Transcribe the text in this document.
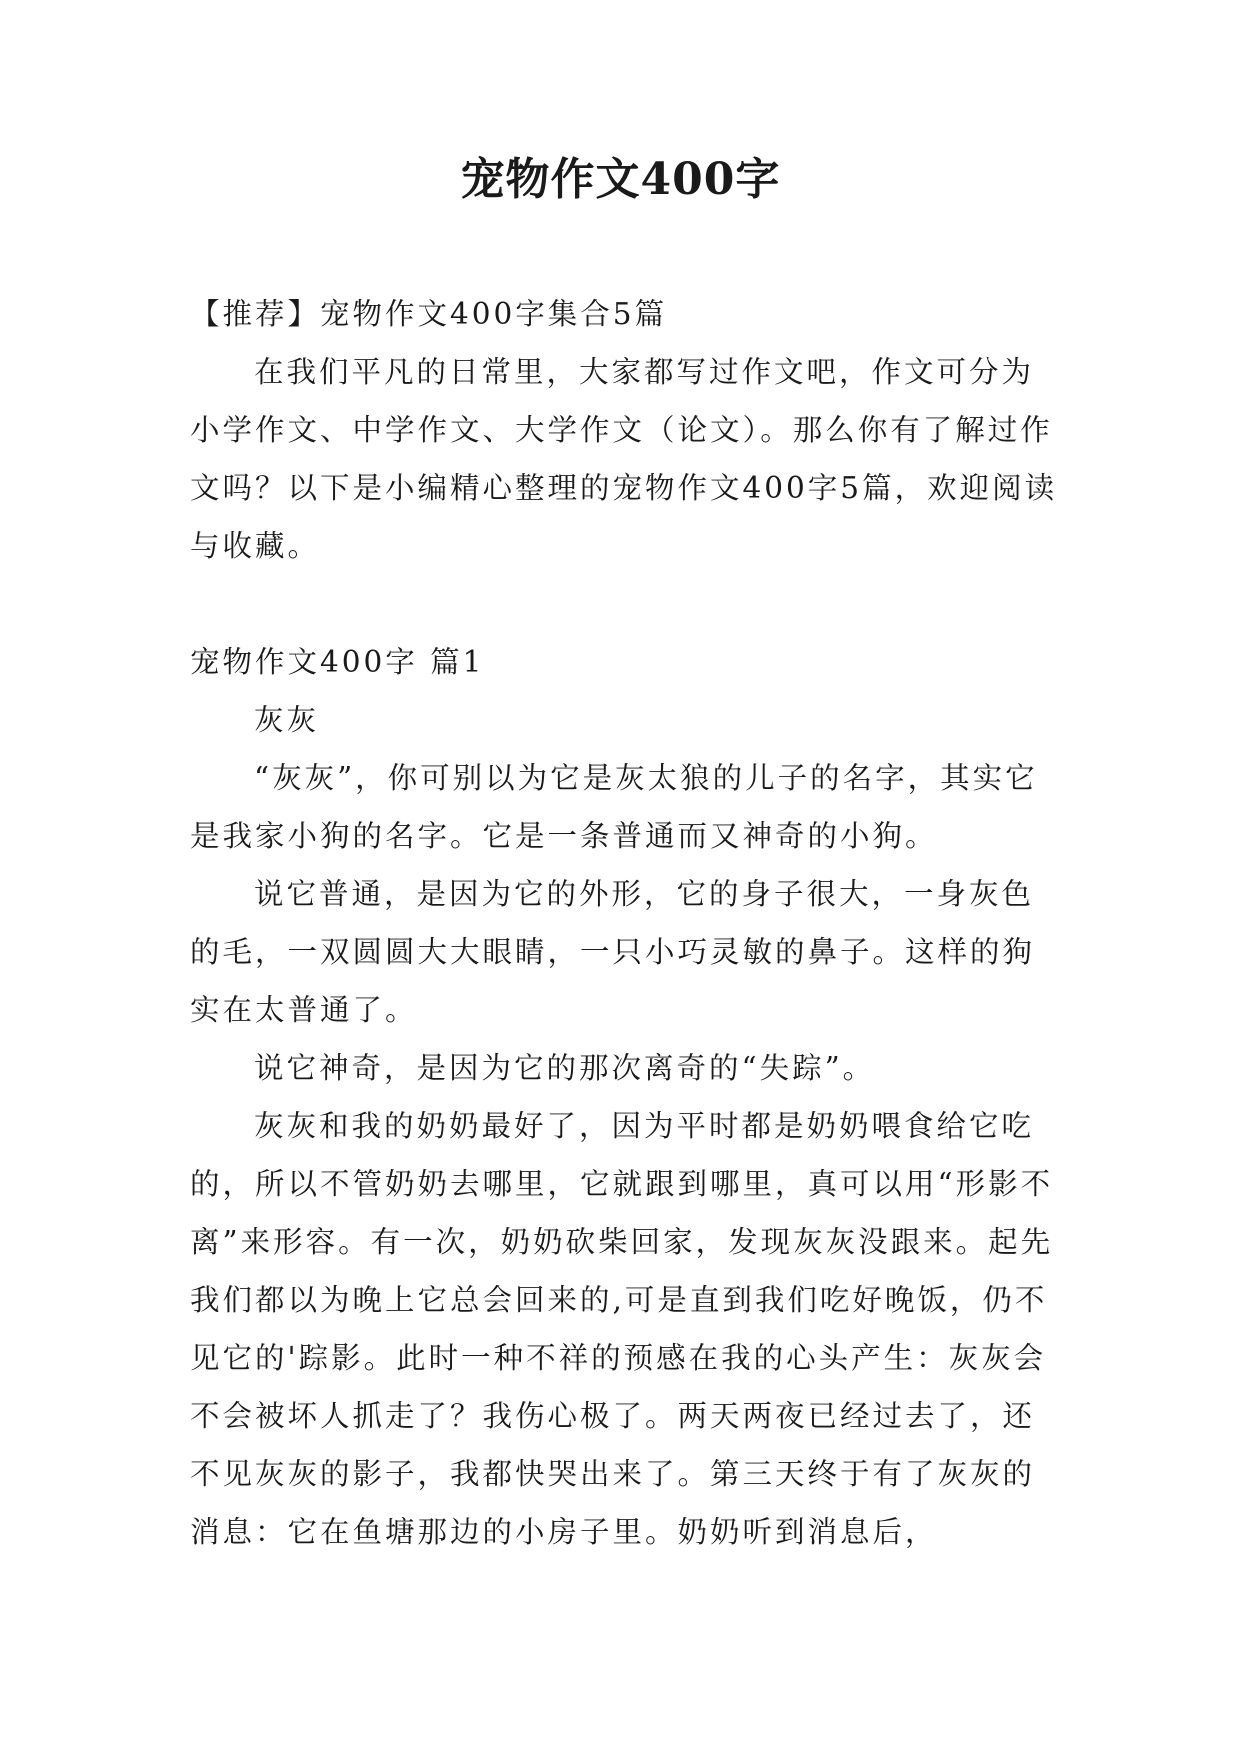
宠物作文400字

【推荐】宠物作文400字集合5篇

在我们平凡的日常里，大家都写过作文吧，作文可分为小学作文、中学作文、大学作文（论文）。那么你有了解过作文吗？以下是小编精心整理的宠物作文400字5篇，欢迎阅读与收藏。

宠物作文400字 篇1

灰灰

“灰灰”，你可别以为它是灰太狼的儿子的名字，其实它是我家小狗的名字。它是一条普通而又神奇的小狗。

说它普通，是因为它的外形，它的身子很大，一身灰色的毛，一双圆圆大大眼睛，一只小巧灵敏的鼻子。这样的狗实在太普通了。

说它神奇，是因为它的那次离奇的“失踪”。

灰灰和我的奶奶最好了，因为平时都是奶奶喂食给它吃的，所以不管奶奶去哪里，它就跟到哪里，真可以用“形影不离”来形容。有一次，奶奶砍柴回家，发现灰灰没跟来。起先我们都以为晚上它总会回来的,可是直到我们吃好晚饭，仍不见它的'踪影。此时一种不祥的预感在我的心头产生：灰灰会不会被坏人抓走了？我伤心极了。两天两夜已经过去了，还不见灰灰的影子，我都快哭出来了。第三天终于有了灰灰的消息：它在鱼塘那边的小房子里。奶奶听到消息后，
